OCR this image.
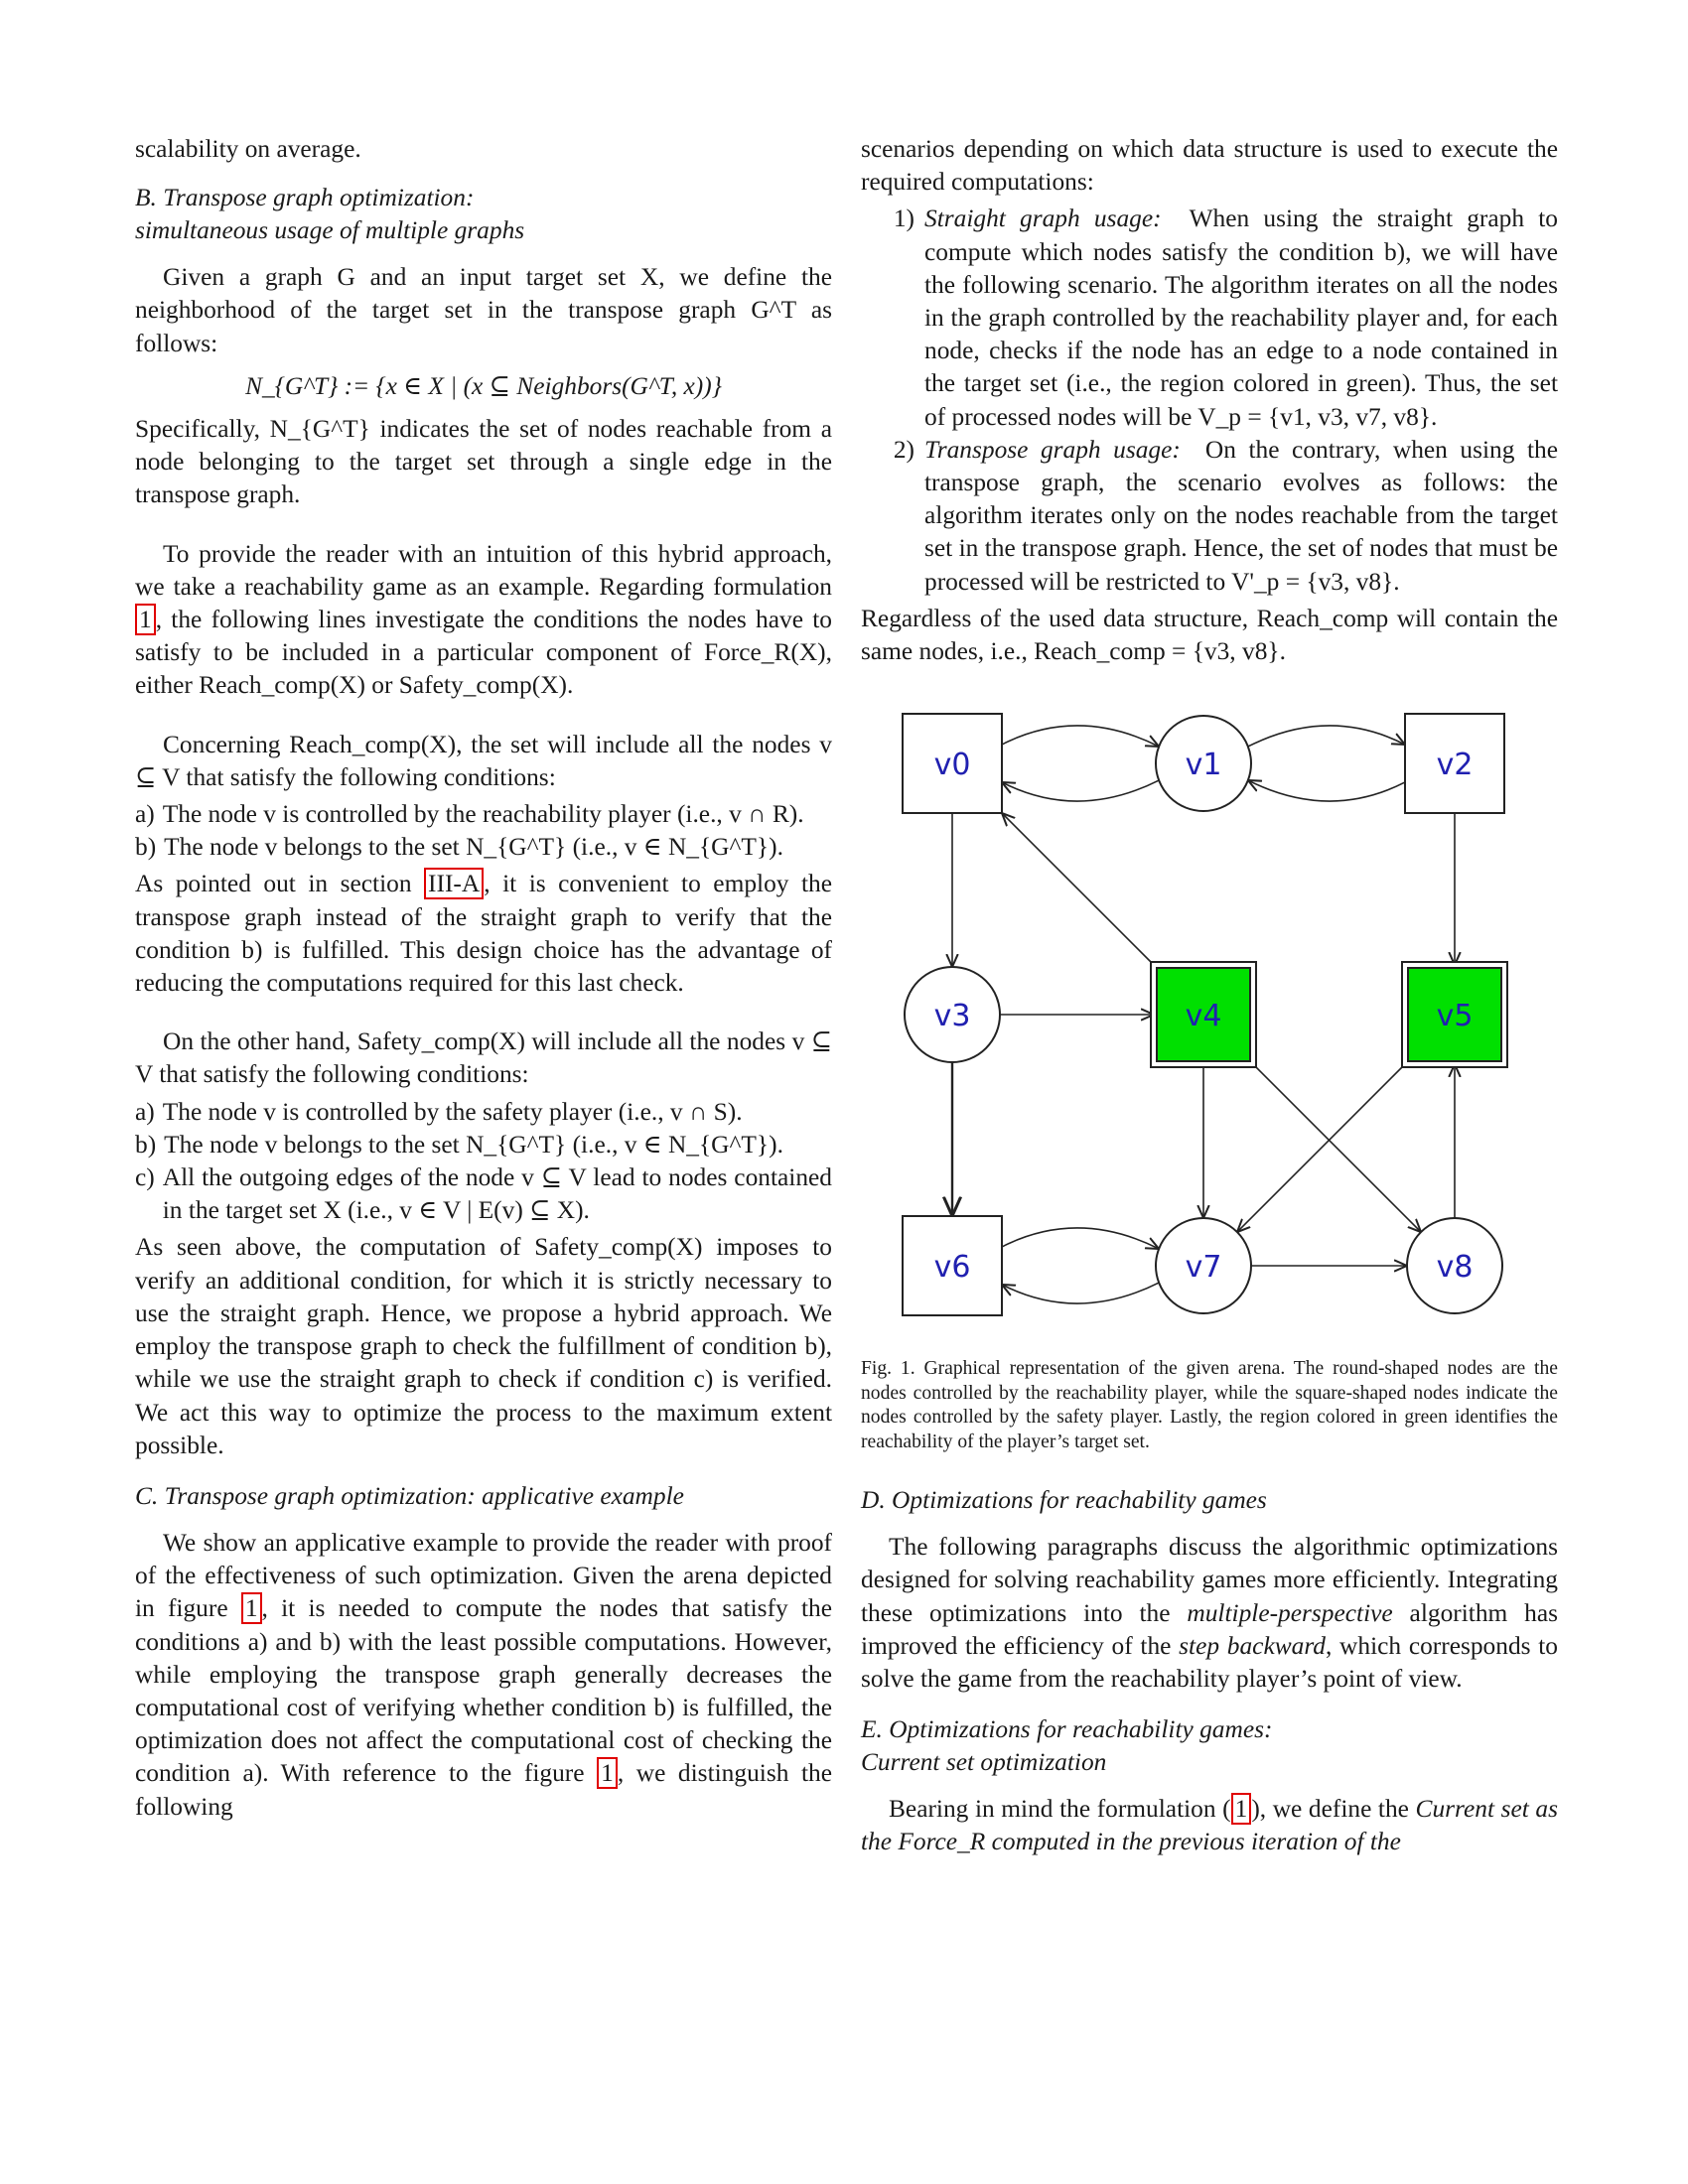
scalability on average.

B. Transpose graph optimization:
simultaneous usage of multiple graphs

Given a graph G and an input target set X, we define the neighborhood of the target set in the transpose graph G^T as follows:

N_{G^T} := {x ∈ X | (x ⊆ Neighbors(G^T, x))}

Specifically, N_{G^T} indicates the set of nodes reachable from a node belonging to the target set through a single edge in the transpose graph.

To provide the reader with an intuition of this hybrid approach, we take a reachability game as an example. Regarding formulation 1 , the following lines investigate the conditions the nodes have to satisfy to be included in a particular component of Force_R(X), either Reach_comp(X) or Safety_comp(X).

Concerning Reach_comp(X), the set will include all the nodes v ⊆ V that satisfy the following conditions:

a) The node v is controlled by the reachability player (i.e., v ∩ R).
b) The node v belongs to the set N_{G^T} (i.e., v ∈ N_{G^T}).

As pointed out in section III-A , it is convenient to employ the transpose graph instead of the straight graph to verify that the condition b) is fulfilled. This design choice has the advantage of reducing the computations required for this last check.

On the other hand, Safety_comp(X) will include all the nodes v ⊆ V that satisfy the following conditions:

a) The node v is controlled by the safety player (i.e., v ∩ S).
b) The node v belongs to the set N_{G^T} (i.e., v ∈ N_{G^T}).
c) All the outgoing edges of the node v ⊆ V lead to nodes contained in the target set X (i.e., v ∈ V | E(v) ⊆ X).

As seen above, the computation of Safety_comp(X) imposes to verify an additional condition, for which it is strictly necessary to use the straight graph. Hence, we propose a hybrid approach. We employ the transpose graph to check the fulfillment of condition b), while we use the straight graph to check if condition c) is verified. We act this way to optimize the process to the maximum extent possible.

C. Transpose graph optimization: applicative example

We show an applicative example to provide the reader with proof of the effectiveness of such optimization. Given the arena depicted in figure 1 , it is needed to compute the nodes that satisfy the conditions a) and b) with the least possible computations. However, while employing the transpose graph generally decreases the computational cost of verifying whether condition b) is fulfilled, the optimization does not affect the computational cost of checking the condition a). With reference to the figure 1 , we distinguish the following

scenarios depending on which data structure is used to execute the required computations:

1) Straight graph usage: When using the straight graph to compute which nodes satisfy the condition b), we will have the following scenario. The algorithm iterates on all the nodes in the graph controlled by the reachability player and, for each node, checks if the node has an edge to a node contained in the target set (i.e., the region colored in green). Thus, the set of processed nodes will be V_p = {v1, v3, v7, v8}.
2) Transpose graph usage: On the contrary, when using the transpose graph, the scenario evolves as follows: the algorithm iterates only on the nodes reachable from the target set in the transpose graph. Hence, the set of nodes that must be processed will be restricted to V'_p = {v3, v8}.

Regardless of the used data structure, Reach_comp will contain the same nodes, i.e., Reach_comp = {v3, v8}.

v0	v1	v2
v3	v4	v5
v6	v7	v8

Fig. 1. Graphical representation of the given arena. The round-shaped nodes are the nodes controlled by the reachability player, while the square-shaped nodes indicate the nodes controlled by the safety player. Lastly, the region colored in green identifies the reachability of the player’s target set.

D. Optimizations for reachability games

The following paragraphs discuss the algorithmic optimizations designed for solving reachability games more efficiently. Integrating these optimizations into the multiple-perspective algorithm has improved the efficiency of the step backward, which corresponds to solve the game from the reachability player’s point of view.

E. Optimizations for reachability games:
Current set optimization

Bearing in mind the formulation ( 1 ), we define the Current set as the Force_R computed in the previous iteration of the
